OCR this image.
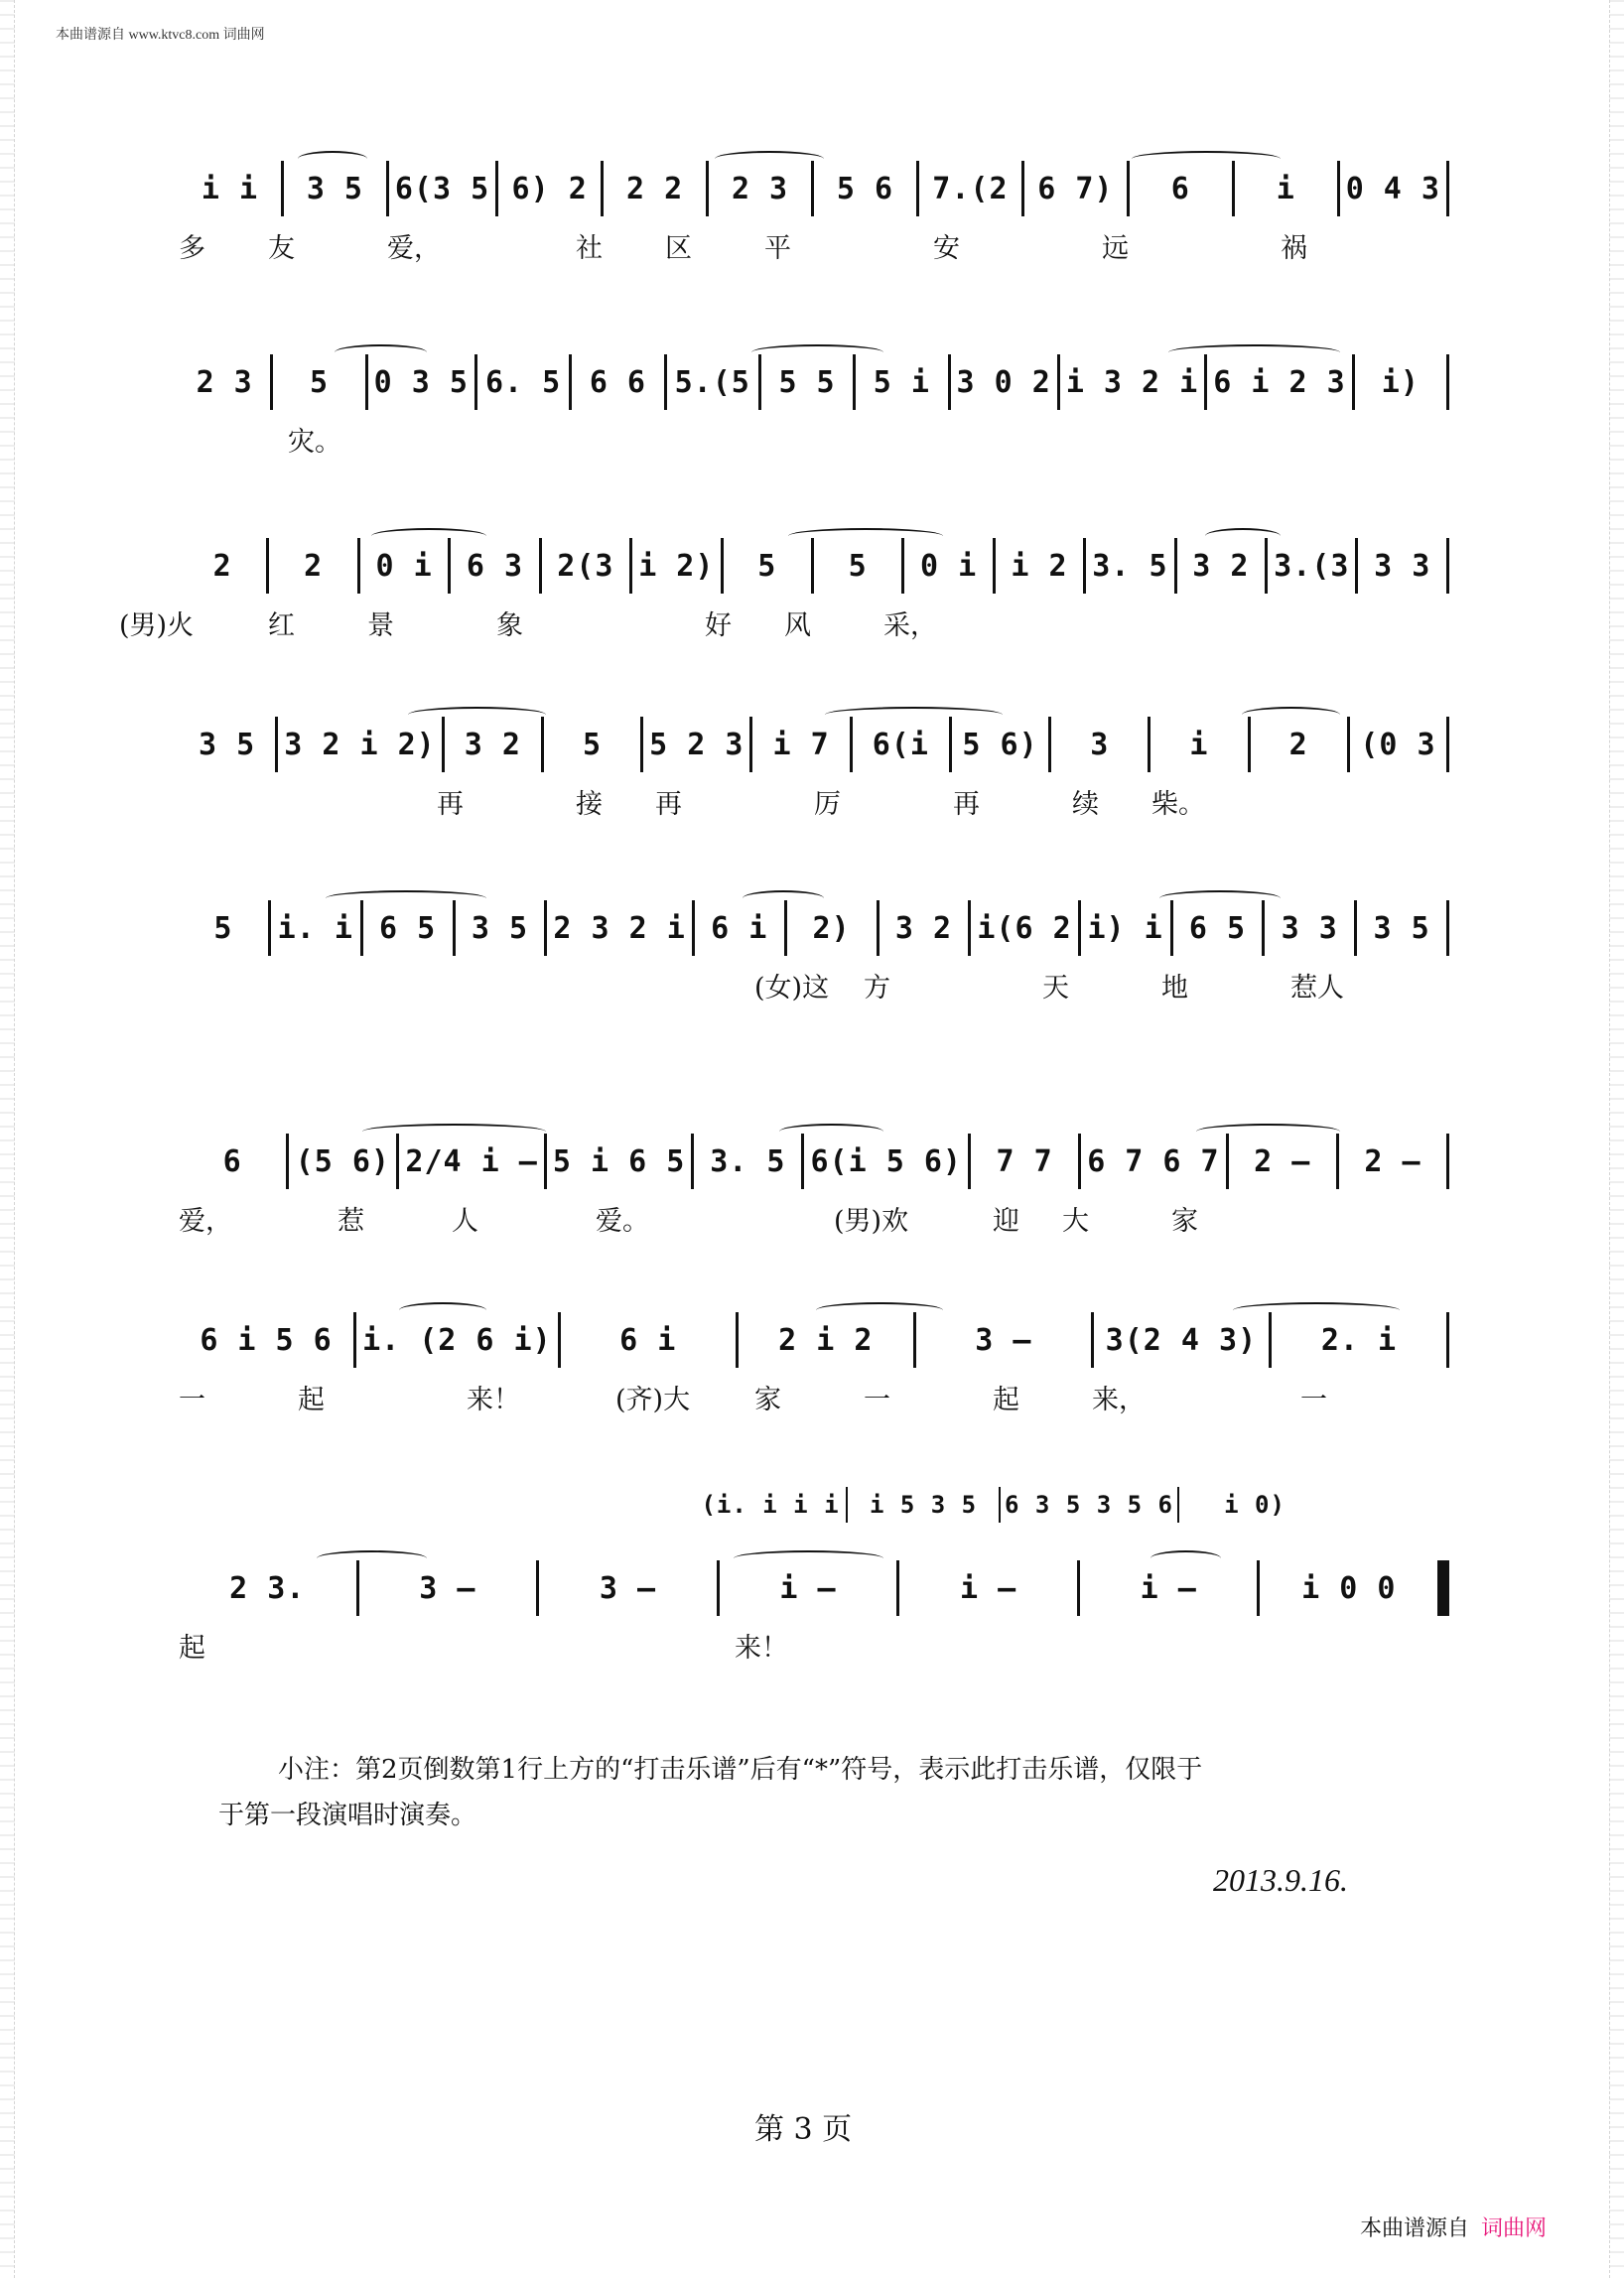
本曲谱源自 www.ktvc8.com 词曲网
i i 3 5 6(3 5 6) 2 2 2 2 3 5 6 7.(2 6 7) 6	i 0 4 3
多 友	爱，	社 区	平	安	远	祸
2 3 5 0 3 5 6. 5 6 6 5.(5 5 5 5 i 3 0 2 i 3 2 i 6 i 2 3 i)
灾。
2 2 0 i 6 3 2(3 i 2) 5 5 0 i i 2 3. 5 3 2 3.(3 3 3
(男)火	红	景	象	好 风	采，
3 5 3 2 i 2) 3 2 5 5 2 3 i 7 6(i 5 6) 3	i	2 (0 3
再	接 再	厉	再	续 柴。
5 i. i 6 5 3 5 2 3 2 i 6 i 2) 3 2 i(6 2 i) i 6 5 3 3 3 5
(女)这 方	天	地	惹人
6 (5 6) 2/4 i – 5 i 6 5 3. 5 6(i 5 6) 7 7 6 7 6 7 2 – 2 –
爱，	惹	人	爱。	(男)欢	迎 大	家
6 i 5 6 i. (2 6 i) 6 i	2 i 2	3 – 3(2 4 3) 2. i
一	起	来！	(齐)大 家	一	起	来，	一
2 3.	3 –	3 –	i –	i –	i –	i 0 0
起	来！
(i. i i i i 5 3 5 6 3 5 3 5 6 i 0)
小注：第2页倒数第1行上方的“打击乐谱”后有“*”符号，表示此打击乐谱，仅限于
于第一段演唱时演奏。
2013.9.16.
第 3 页
本曲谱源自 词曲网
